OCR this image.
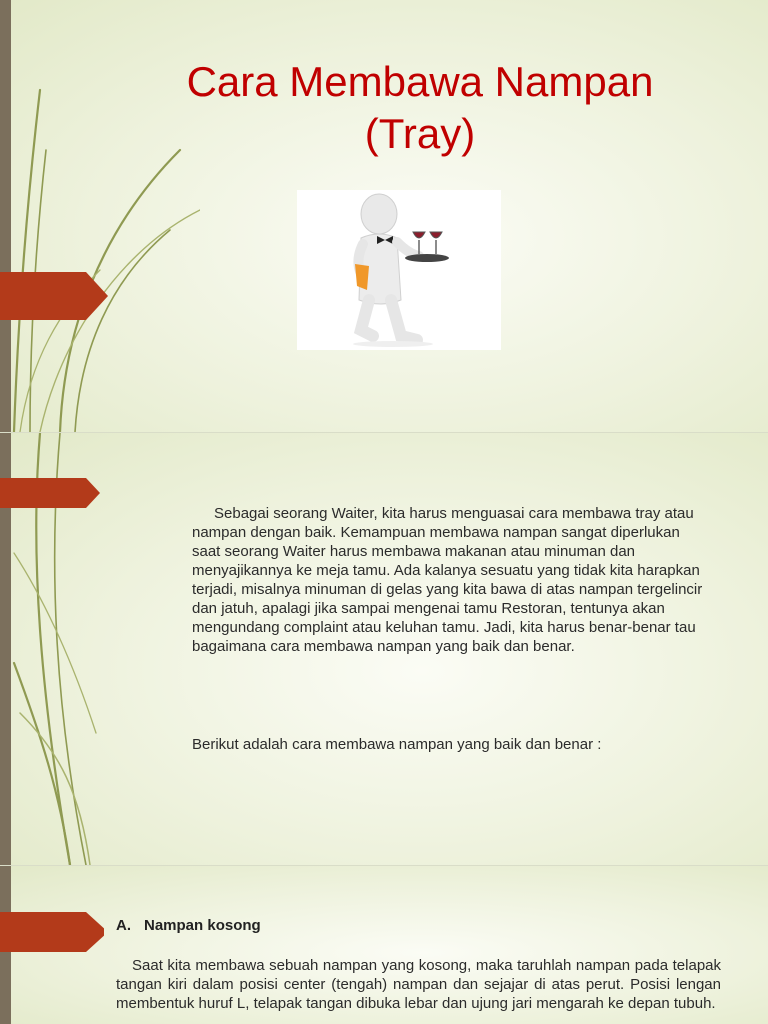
Cara Membawa Nampan
(Tray)

Sebagai seorang Waiter, kita harus menguasai cara membawa tray atau nampan dengan baik. Kemampuan membawa nampan sangat diperlukan saat seorang Waiter harus membawa makanan atau minuman dan menyajikannya ke meja tamu. Ada kalanya sesuatu yang tidak kita harapkan terjadi, misalnya minuman di gelas yang kita bawa di atas nampan tergelincir dan jatuh, apalagi jika sampai mengenai tamu Restoran, tentunya akan mengundang complaint atau keluhan tamu. Jadi, kita harus benar-benar tau bagaimana cara membawa nampan yang baik dan benar.

Berikut adalah cara membawa nampan yang baik dan benar :

A. Nampan kosong

Saat kita membawa sebuah nampan yang kosong, maka taruhlah nampan pada telapak tangan kiri dalam posisi center (tengah) nampan dan sejajar di atas perut. Posisi lengan membentuk huruf L, telapak tangan dibuka lebar dan ujung jari mengarah ke depan tubuh.
